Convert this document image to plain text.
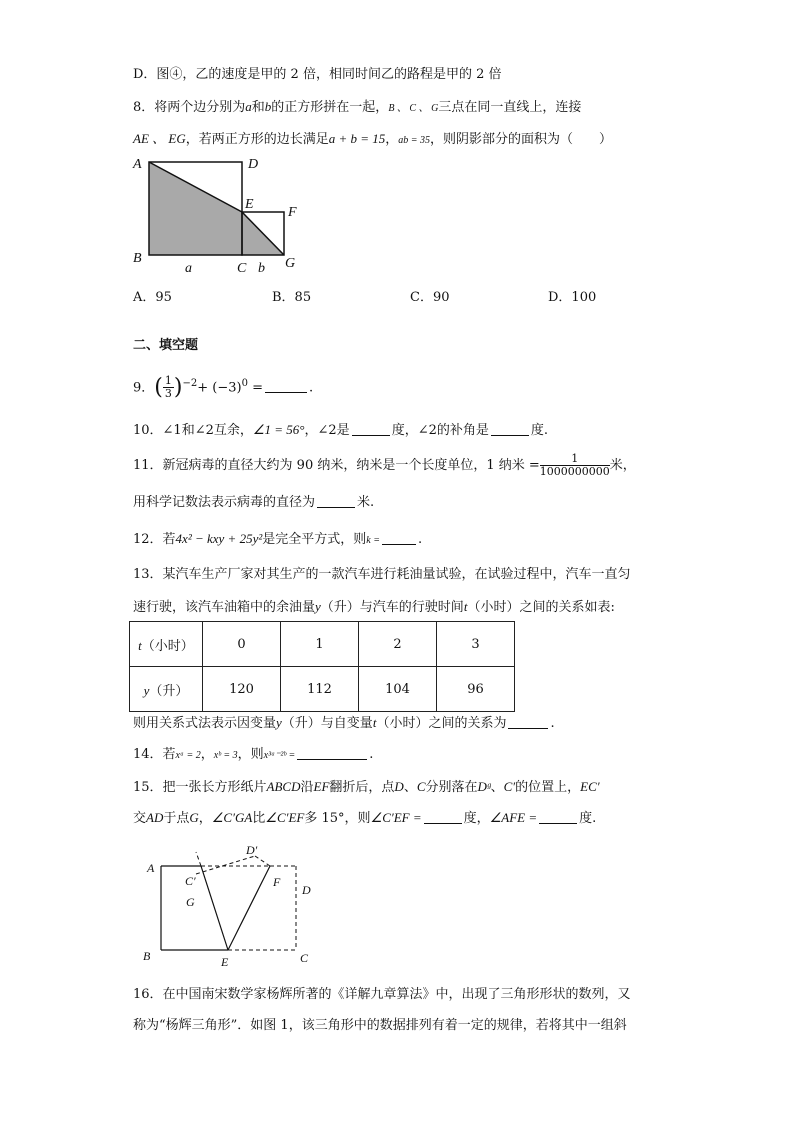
D．图④，乙的速度是甲的 2 倍，相同时间乙的路程是甲的 2 倍
8．将两个边分别为a和b的正方形拼在一起，B 、 C 、 G三点在同一直线上，连接
AE 、 EG，若两正方形的边长满足a + b = 15，ab = 35，则阴影部分的面积为（　　）
A	D
E
F
B
C	G
a	b
A．95	B．85	C．90	D．100
二、填空题
9．( $\frac{1}{3} )^{-2}+ (-3)^0$ =	.
10．∠1和∠2互余，∠1 = 56°，∠2是	度，∠2的补角是	度.
11．新冠病毒的直径大约为 90 纳米，纳米是一个长度单位，1 纳米 = $\frac{1}{1000000000}$ 米，
用科学记数法表示病毒的直径为	米.
12．若4x² − kxy + 25y²是完全平方式，则k =	.
13．某汽车生产厂家对其生产的一款汽车进行耗油量试验，在试验过程中，汽车一直匀
速行驶，该汽车油箱中的余油量y（升）与汽车的行驶时间t（小时）之间的关系如表:
t（小时）	0	1	2	3
y（升）	120	112	104	96
则用关系式法表示因变量y（升）与自变量t（小时）之间的关系为	.
14．若xᵃ = 2，xᵇ = 3，则x³ᵃ⁻²ᵇ =	.
15．把一张长方形纸片ABCD沿EF翻折后，点D、C分别落在Dᵍ、C′的位置上，EC′
交AD于点G，∠C′GA比∠C′EF多 15°，则∠C′EF =	度，∠AFE =	度.
A
C′
D′
F
D
G
B	E	C
16．在中国南宋数学家杨辉所著的《详解九章算法》中，出现了三角形形状的数列，又
称为“杨辉三角形”．如图 1，该三角形中的数据排列有着一定的规律，若将其中一组斜
